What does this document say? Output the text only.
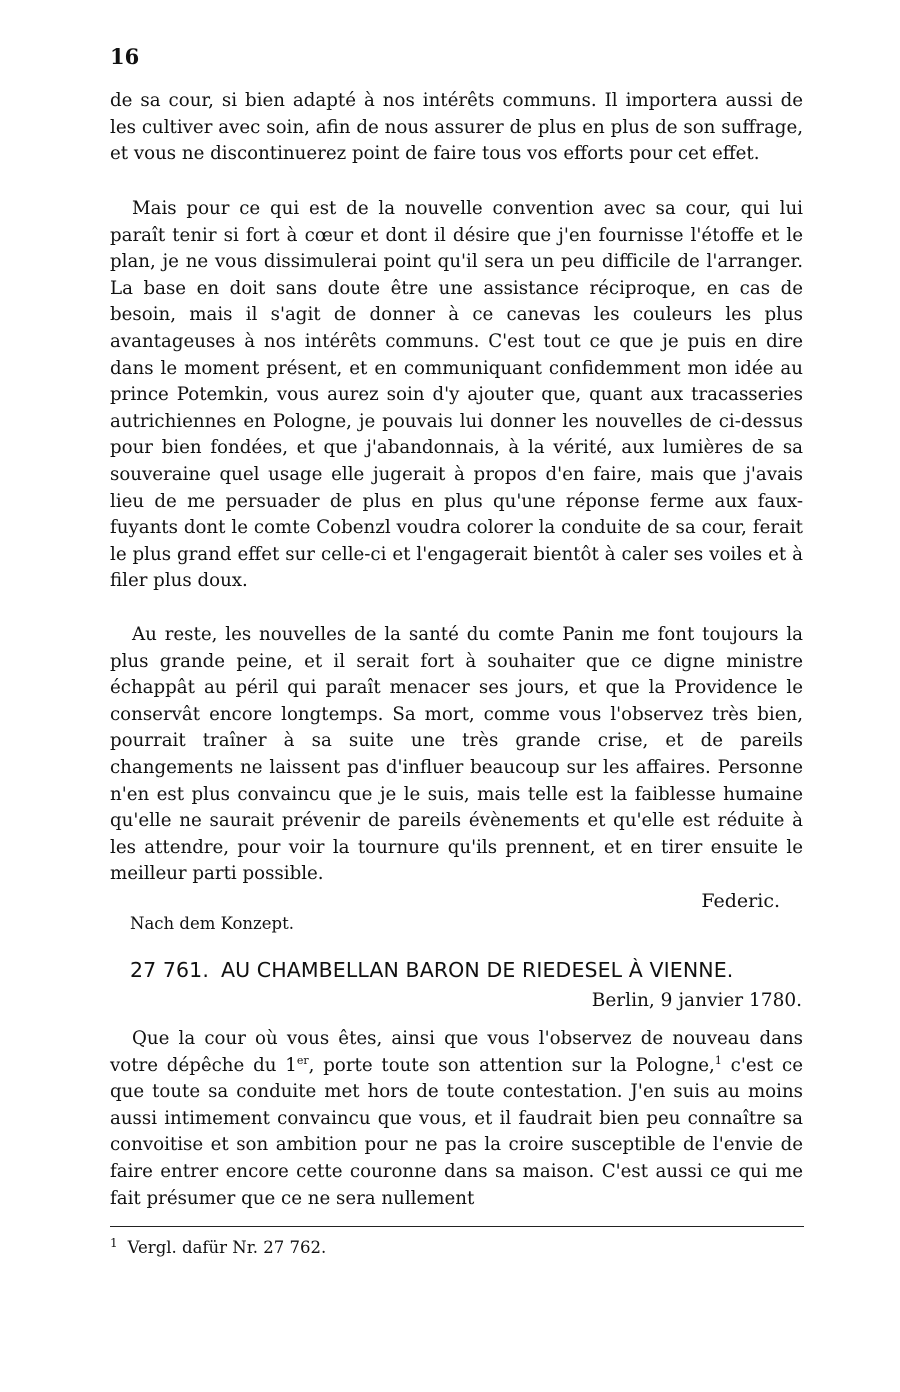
16

de sa cour, si bien adapté à nos intérêts communs. Il importera aussi de les cultiver avec soin, afin de nous assurer de plus en plus de son suffrage, et vous ne discontinuerez point de faire tous vos efforts pour cet effet.

Mais pour ce qui est de la nouvelle convention avec sa cour, qui lui paraît tenir si fort à cœur et dont il désire que j'en fournisse l'étoffe et le plan, je ne vous dissimulerai point qu'il sera un peu difficile de l'arranger. La base en doit sans doute être une assistance réciproque, en cas de besoin, mais il s'agit de donner à ce canevas les couleurs les plus avantageuses à nos intérêts communs. C'est tout ce que je puis en dire dans le moment présent, et en communiquant confidemment mon idée au prince Potemkin, vous aurez soin d'y ajouter que, quant aux tracasseries autrichiennes en Pologne, je pouvais lui donner les nouvelles de ci-dessus pour bien fondées, et que j'abandonnais, à la vérité, aux lumières de sa souveraine quel usage elle jugerait à propos d'en faire, mais que j'avais lieu de me persuader de plus en plus qu'une réponse ferme aux faux-fuyants dont le comte Cobenzl voudra colorer la conduite de sa cour, ferait le plus grand effet sur celle-ci et l'engagerait bientôt à caler ses voiles et à filer plus doux.

Au reste, les nouvelles de la santé du comte Panin me font toujours la plus grande peine, et il serait fort à souhaiter que ce digne ministre échappât au péril qui paraît menacer ses jours, et que la Providence le conservât encore longtemps. Sa mort, comme vous l'observez très bien, pourrait traîner à sa suite une très grande crise, et de pareils changements ne laissent pas d'influer beaucoup sur les affaires. Personne n'en est plus convaincu que je le suis, mais telle est la faiblesse humaine qu'elle ne saurait prévenir de pareils évènements et qu'elle est réduite à les attendre, pour voir la tournure qu'ils prennent, et en tirer ensuite le meilleur parti possible.

Federic.
Nach dem Konzept.
27 761. AU CHAMBELLAN BARON DE RIEDESEL À VIENNE.
Berlin, 9 janvier 1780.

Que la cour où vous êtes, ainsi que vous l'observez de nouveau dans votre dépêche du 1er, porte toute son attention sur la Pologne,$^1$ c'est ce que toute sa conduite met hors de toute contestation. J'en suis au moins aussi intimement convaincu que vous, et il faudrait bien peu connaître sa convoitise et son ambition pour ne pas la croire susceptible de l'envie de faire entrer encore cette couronne dans sa maison. C'est aussi ce qui me fait présumer que ce ne sera nullement

$^1$ Vergl. dafür Nr. 27 762.
